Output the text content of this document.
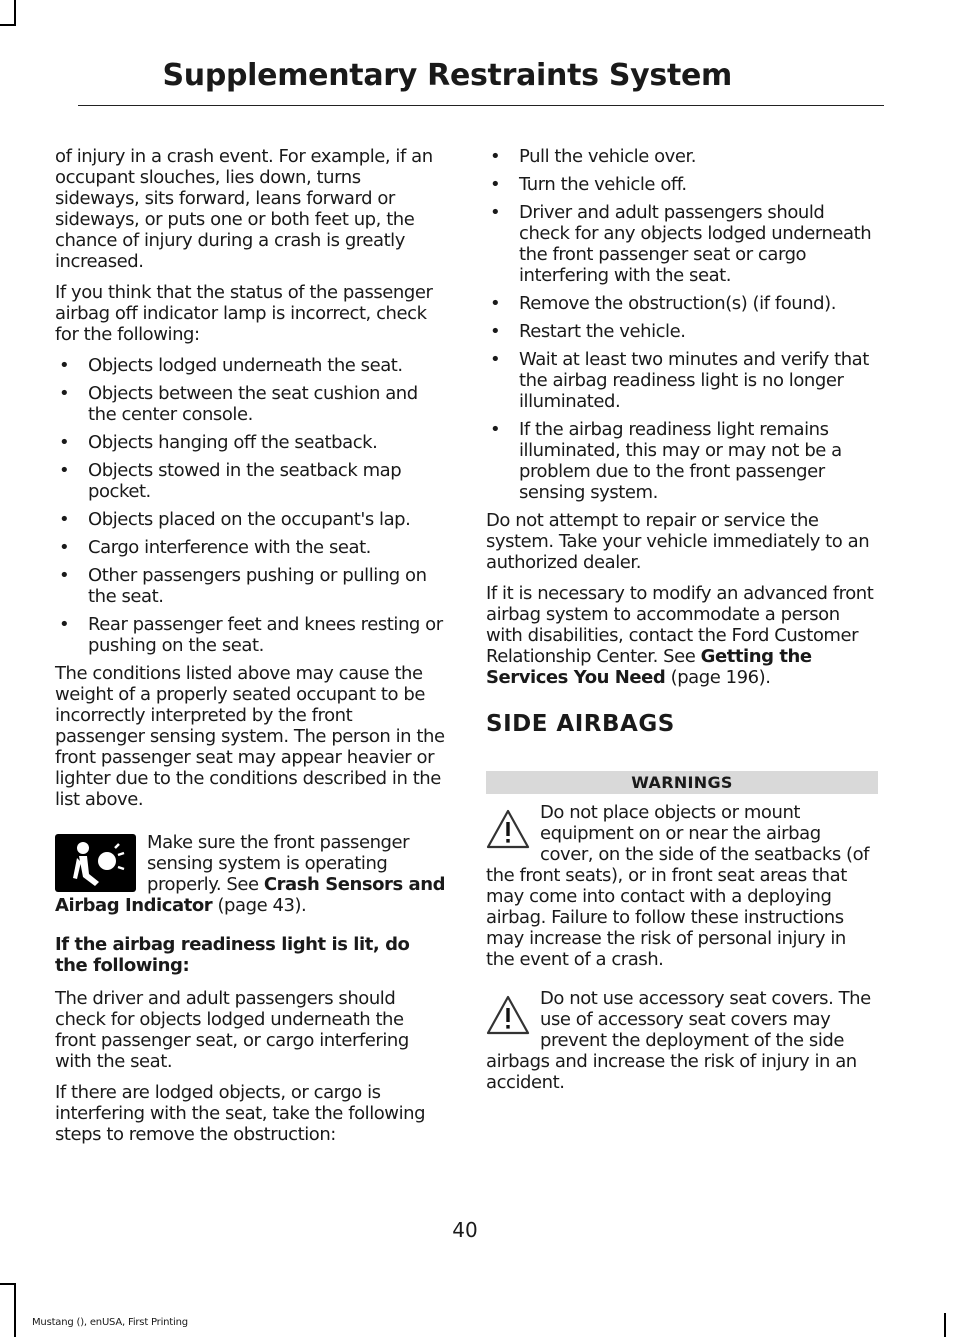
Supplementary Restraints System

of injury in a crash event. For example, if an occupant slouches, lies down, turns sideways, sits forward, leans forward or sideways, or puts one or both feet up, the chance of injury during a crash is greatly increased.

If you think that the status of the passenger airbag off indicator lamp is incorrect, check for the following:

• Objects lodged underneath the seat.
• Objects between the seat cushion and the center console.
• Objects hanging off the seatback.
• Objects stowed in the seatback map pocket.
• Objects placed on the occupant's lap.
• Cargo interference with the seat.
• Other passengers pushing or pulling on the seat.
• Rear passenger feet and knees resting or pushing on the seat.

The conditions listed above may cause the weight of a properly seated occupant to be incorrectly interpreted by the front passenger sensing system. The person in the front passenger seat may appear heavier or lighter due to the conditions described in the list above.

Make sure the front passenger sensing system is operating properly. See Crash Sensors and Airbag Indicator (page 43).
If the airbag readiness light is lit, do the following:

The driver and adult passengers should check for objects lodged underneath the front passenger seat, or cargo interfering with the seat.

If there are lodged objects, or cargo is interfering with the seat, take the following steps to remove the obstruction:

• Pull the vehicle over.
• Turn the vehicle off.
• Driver and adult passengers should check for any objects lodged underneath the front passenger seat or cargo interfering with the seat.
• Remove the obstruction(s) (if found).
• Restart the vehicle.
• Wait at least two minutes and verify that the airbag readiness light is no longer illuminated.
• If the airbag readiness light remains illuminated, this may or may not be a problem due to the front passenger sensing system.

Do not attempt to repair or service the system. Take your vehicle immediately to an authorized dealer.

If it is necessary to modify an advanced front airbag system to accommodate a person with disabilities, contact the Ford Customer Relationship Center. See Getting the Services You Need (page 196).

SIDE AIRBAGS
WARNINGS
Do not place objects or mount equipment on or near the airbag cover, on the side of the seatbacks (of the front seats), or in front seat areas that may come into contact with a deploying airbag. Failure to follow these instructions may increase the risk of personal injury in the event of a crash.
Do not use accessory seat covers. The use of accessory seat covers may prevent the deployment of the side airbags and increase the risk of injury in an accident.
40
Mustang (), enUSA, First Printing
